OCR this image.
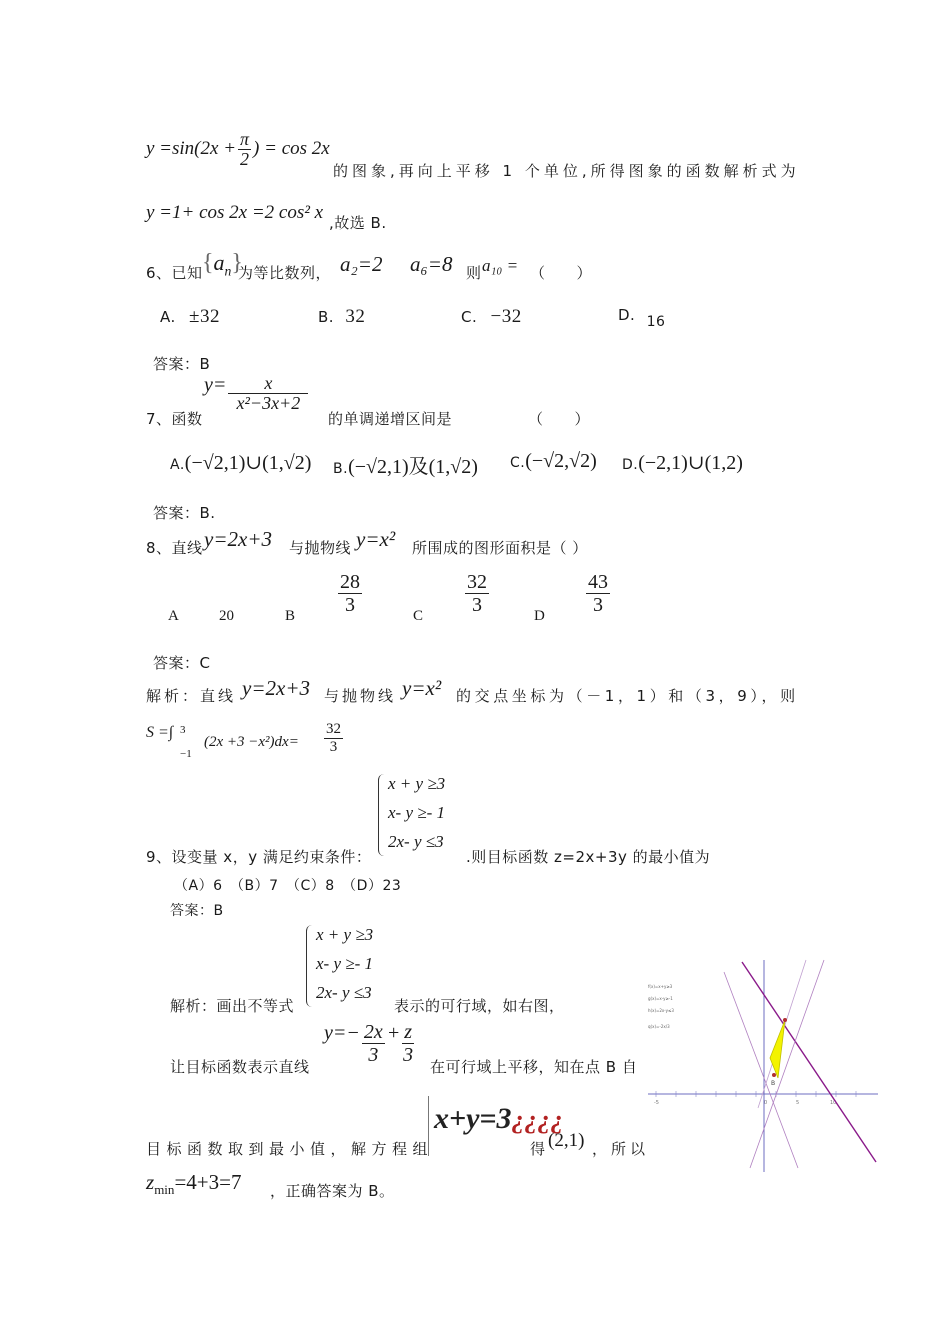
$y =\sin(2x + \frac{\pi}{2}$ ) = cos 2x
的图象,再向上平移 1 个单位,所得图象的函数解析式为
y =1+ cos 2x =2 cos² x ,故选 B.
6、已知 $\{a_n\}$
为等比数列， a₂=2 a₆=8 则 a₁₀ = （　　）
A. ±32	B. 32	C. −32	D. 16
答案：B
7、函数
$y= \frac{x}{\text{x²−3x+2}}$
的单调递增区间是	（　　）
A.(−√2,1)∪(1,√2) B.(−√2,1)及(1,√2) C.(−√2,√2) D.(−2,1)∪(1,2)
答案：B.
8、直线 y=2x+3 与抛物线 y=x² 所围成的图形面积是（ ）
A	20	B $\frac{28}{3}$	C $\frac{32}{3}$	D $\frac{43}{3}$
答案：C
解析：直线 y=2x+3 与抛物线 y=x² 的交点坐标为（－1，1）和（3，9），则
S =∫ 3
−1
$(2x +3 -x^2)dx= \frac{32}{3}$
x + y ≥3
x- y ≥- 1
2x- y ≤3
9、设变量 x，y 满足约束条件：	.则目标函数 z=2x+3y 的最小值为
（A）6　（B）7　（C）8　（D）23
答案：B
x + y ≥3
x- y ≥- 1
2x- y ≤3
解析：画出不等式	表示的可行域，如右图，
让目标函数表示直线
$y=- \frac{2x}{3} + \frac{z}{3}$
在可行域上平移，知在点 B 自
目标函数取到最小值，解方程组
x+y=3¿¿¿¿
得 (2,1) ，所以
$z_{min}=4+3=7$ ，正确答案为 B。
-5	0	5	10
B
f(x)=x+y≥3
g(x)=x-y≥-1
h(x)=2x-y≤3
q(x)=-2x/3
